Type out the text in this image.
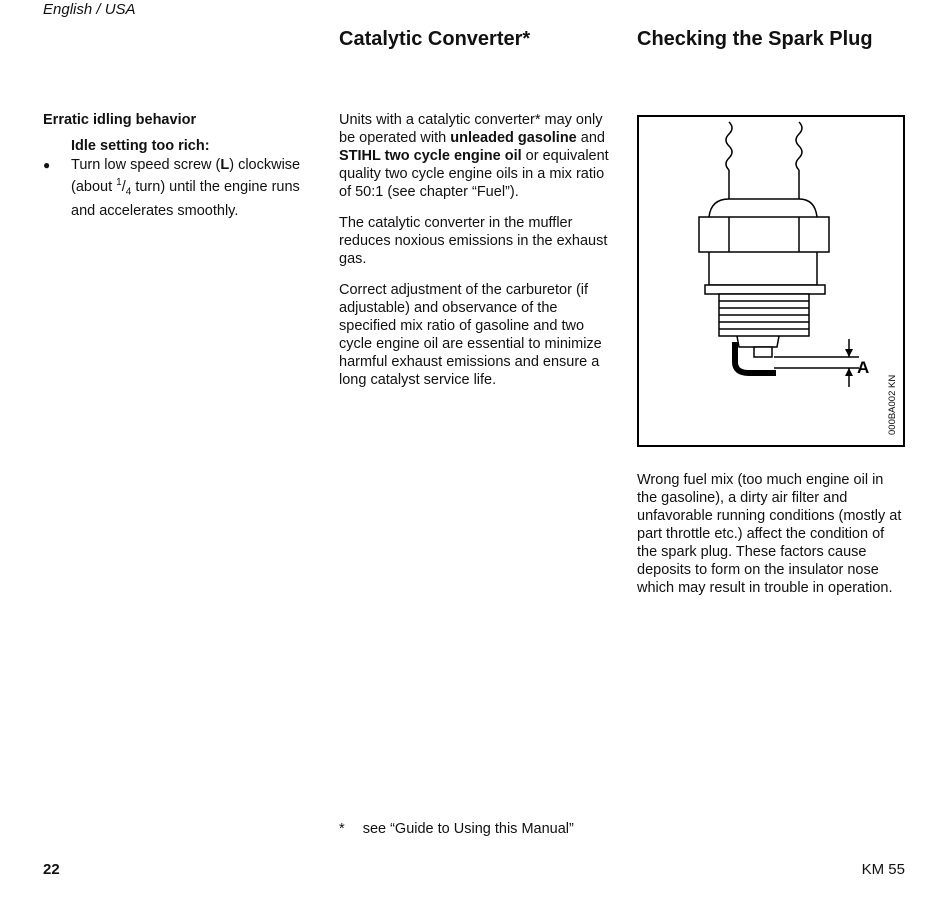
English / USA
Erratic idling behavior
Idle setting too rich:
● Turn low speed screw (L) clockwise (about $^1/_4$ turn) until the engine runs and accelerates smoothly.

Catalytic Converter*

Units with a catalytic converter* may only be operated with unleaded gasoline and STIHL two cycle engine oil or equivalent quality two cycle engine oils in a mix ratio of 50:1 (see chapter “Fuel”).

The catalytic converter in the muffler reduces noxious emissions in the exhaust gas.

Correct adjustment of the carburetor (if adjustable) and observance of the specified mix ratio of gasoline and two cycle engine oil are essential to minimize harmful exhaust emissions and ensure a long catalyst service life.

Checking the Spark Plug
A
000BA002 KN

Wrong fuel mix (too much engine oil in the gasoline), a dirty air filter and unfavorable running conditions (mostly at part throttle etc.) affect the condition of the spark plug. These factors cause deposits to form on the insulator nose which may result in trouble in operation.

* see “Guide to Using this Manual”
22	KM 55
